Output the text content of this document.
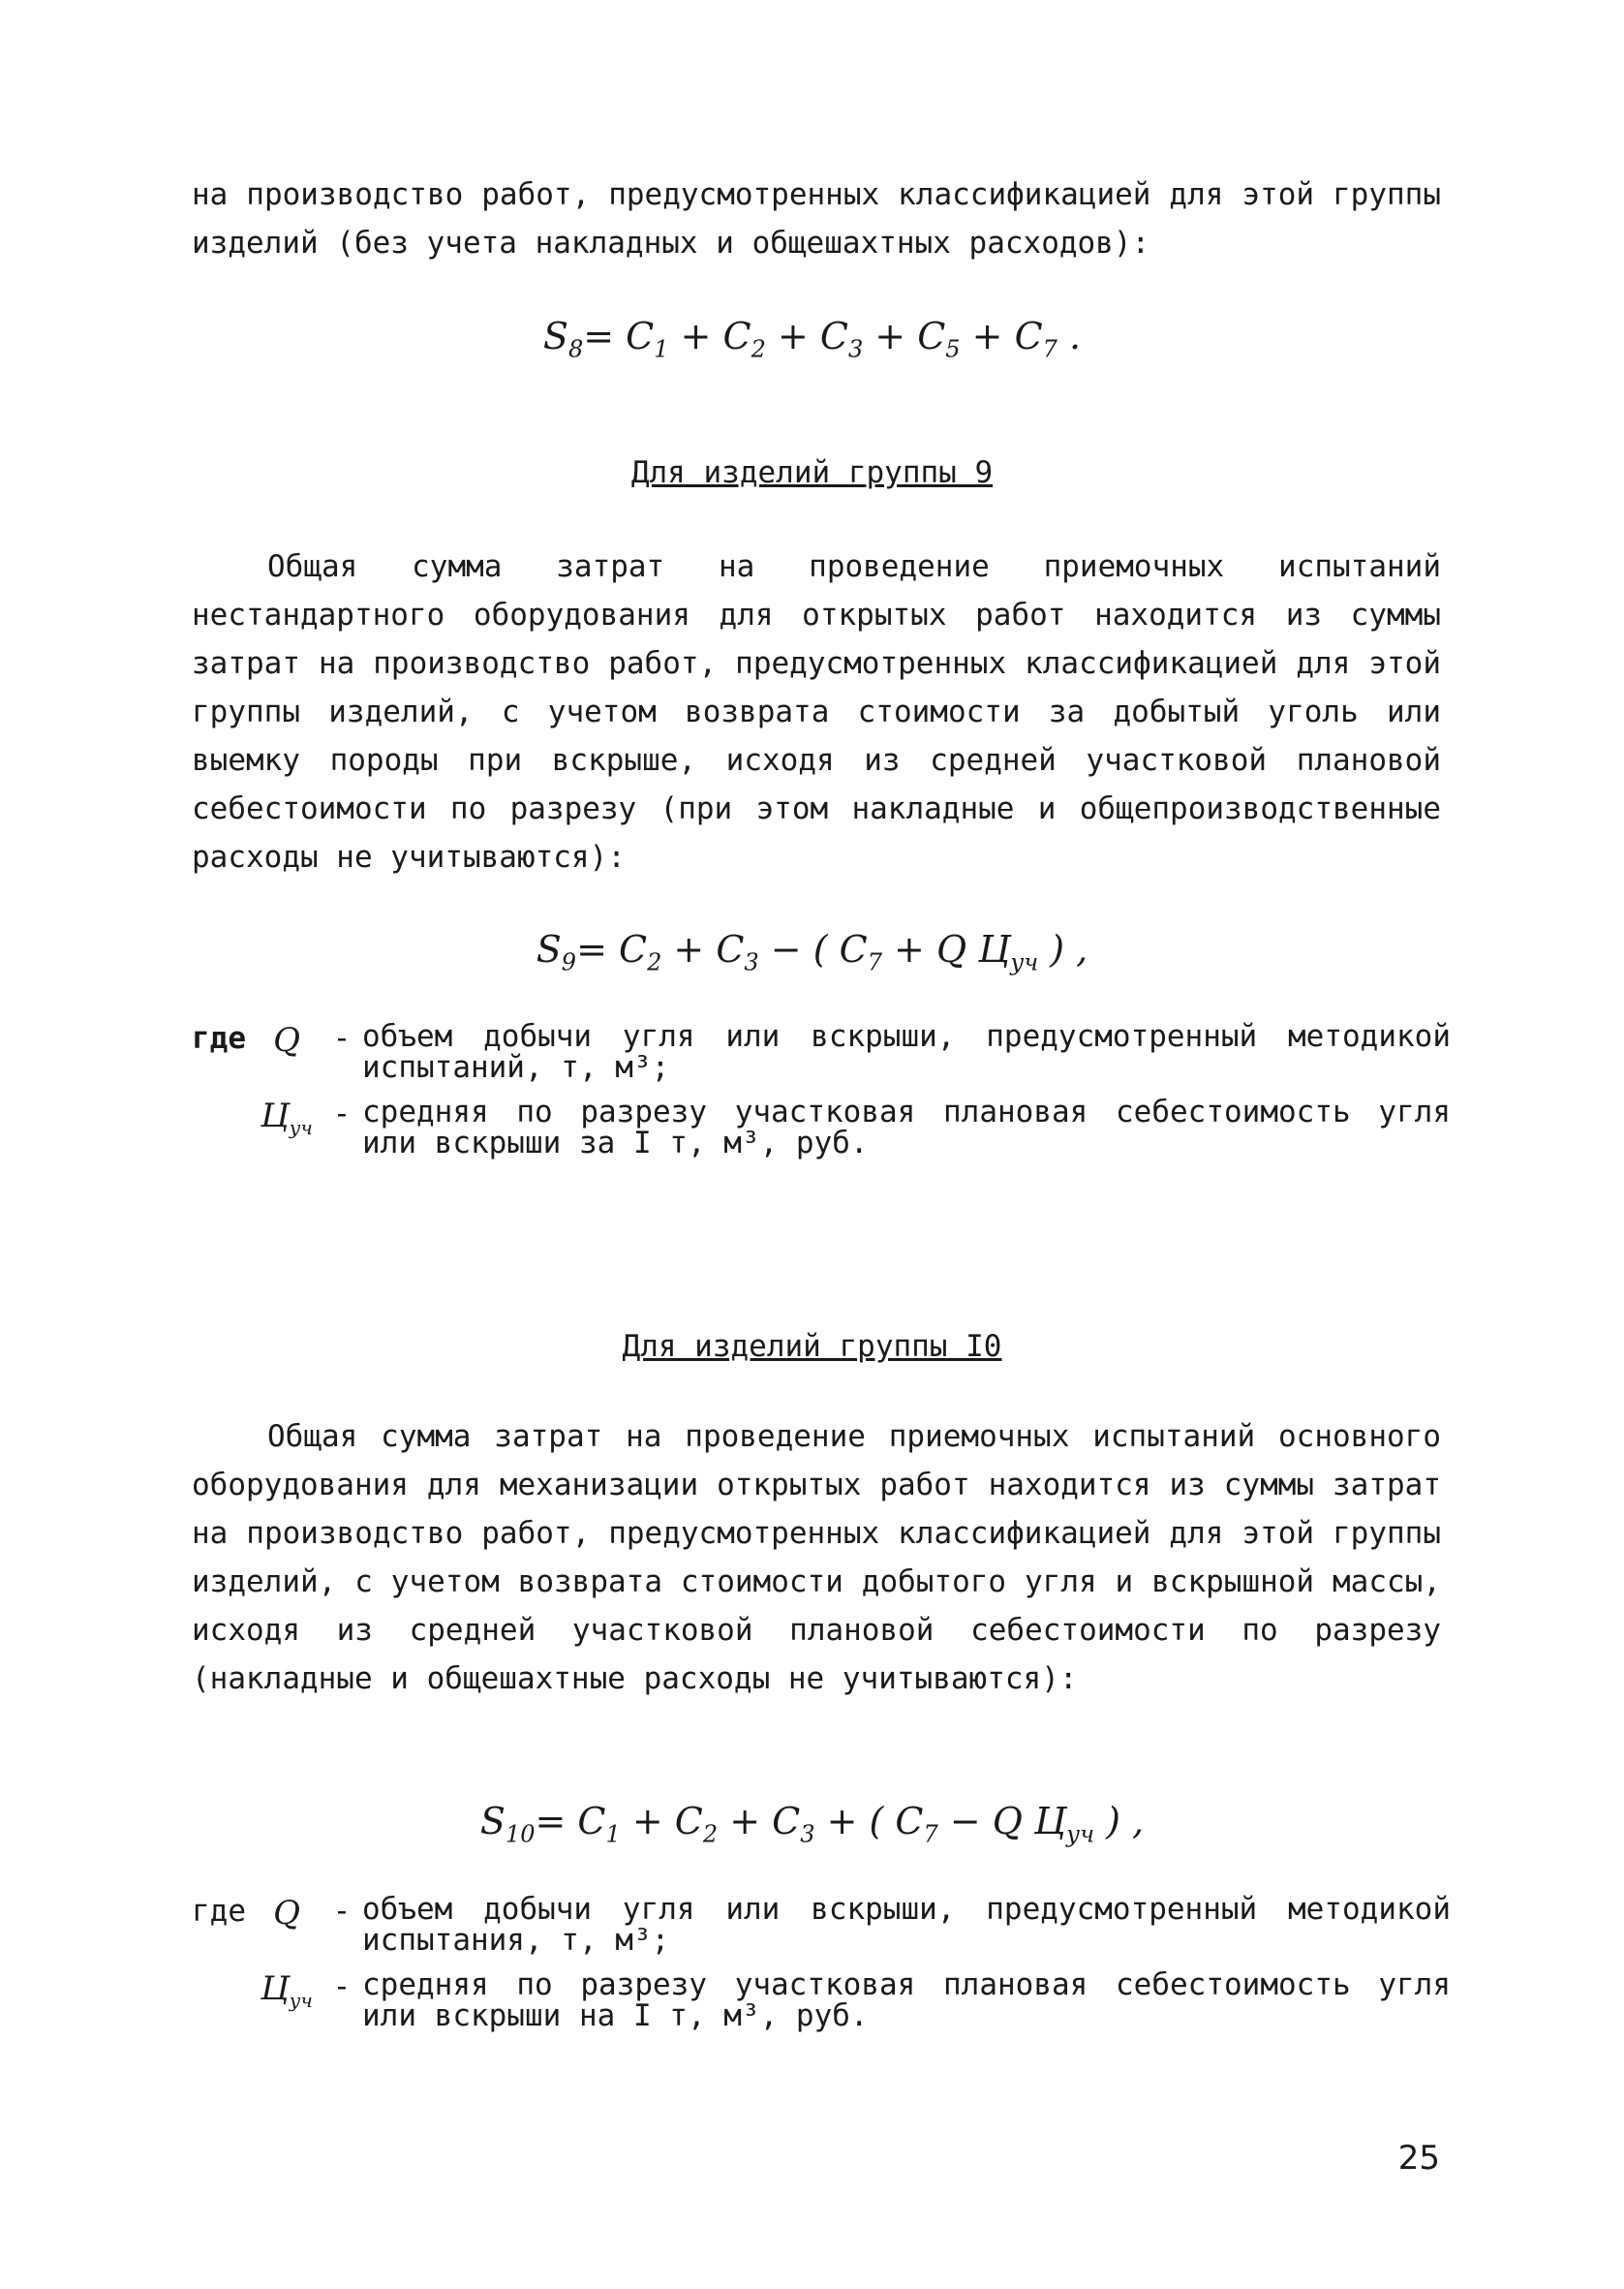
на производство работ, предусмотренных классификацией для этой группы изделий (без учета накладных и общешахтных расходов):

$S_8= C_1 + C_2 + C_3 + C_5 + C_7$ .

Для изделий группы 9

Общая сумма затрат на проведение приемочных испытаний нестандартного оборудования для открытых работ находится из суммы затрат на производство работ, предусмотренных классификацией для этой группы изделий, с учетом возврата стоимости за добытый уголь или выемку породы при вскрыше, исходя из средней участковой плановой себестоимости по разрезу (при этом накладные и общепроизводственные расходы не учитываются):

$S_9= C_2 + C_3$ − ( $C_7 + Q$ $Ц_{уч}$ ) ,

где Q	- объем добычи угля или вскрыши, предусмотренный методикой испытаний, т, м³;
$Ц_{уч}$ - средняя по разрезу участковая плановая себестоимость угля или вскрыши за I т, м³, руб.

Для изделий группы I0

Общая сумма затрат на проведение приемочных испытаний основного оборудования для механизации открытых работ находится из суммы затрат на производство работ, предусмотренных классификацией для этой группы изделий, с учетом возврата стоимости добытого угля и вскрышной массы, исходя из средней участковой плановой себестоимости по разрезу (накладные и общешахтные расходы не учитываются):

$S_{10}= C_1 + C_2 + C_3$ + ( $C_7 - Q$ $Ц_{уч}$ ) ,

где Q	- объем добычи угля или вскрыши, предусмотренный методикой испытания, т, м³;
$Ц_{уч}$ - средняя по разрезу участковая плановая себестоимость угля или вскрыши на I т, м³, руб.

25
